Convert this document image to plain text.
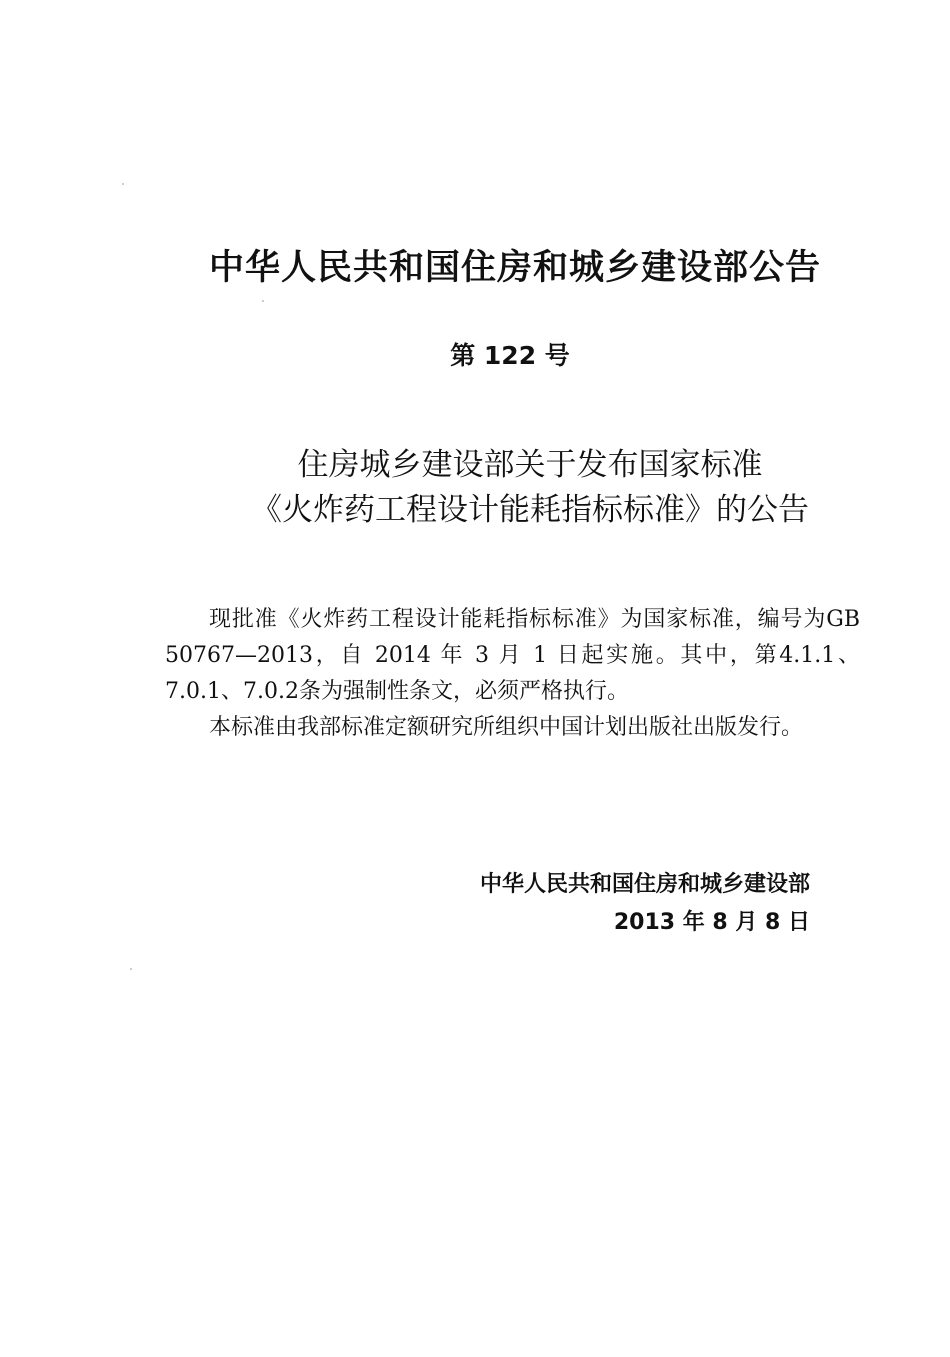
中华人民共和国住房和城乡建设部公告
第 122 号
住房城乡建设部关于发布国家标准
《火炸药工程设计能耗指标标准》的公告

现批准《火炸药工程设计能耗指标标准》为国家标准，编号为GB 50767—2013，自 2014 年 3 月 1 日起实施。其中，第4.1.1、7.0.1、7.0.2条为强制性条文，必须严格执行。

本标准由我部标准定额研究所组织中国计划出版社出版发行。

中华人民共和国住房和城乡建设部
2013 年 8 月 8 日
